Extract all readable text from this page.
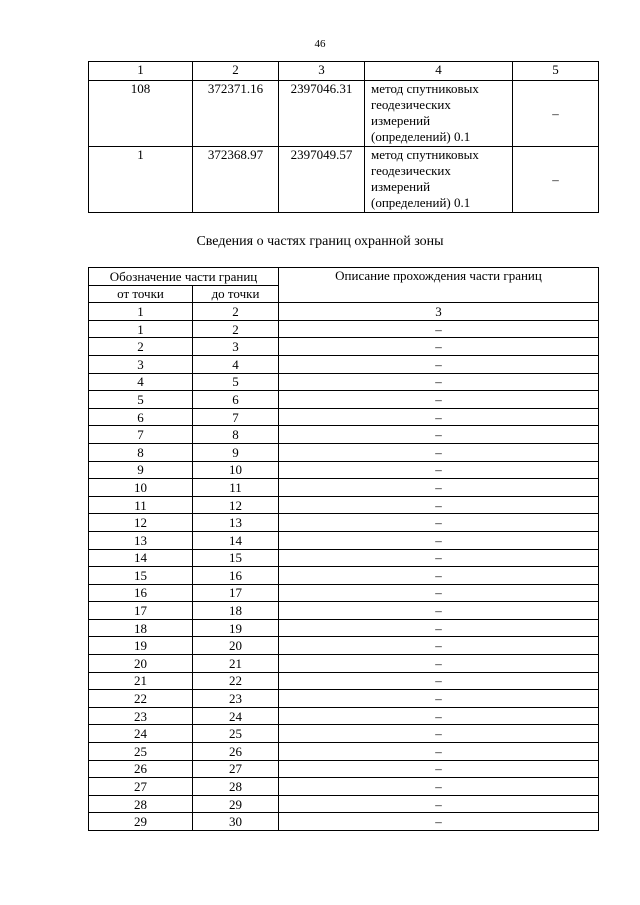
46
1	2	3	4	5
108	372371.16	2397046.31	метод спутниковых
геодезических
измерений
(определений) 0.1	–
1	372368.97	2397049.57	метод спутниковых
геодезических
измерений
(определений) 0.1	–
Сведения о частях границ охранной зоны
Обозначение части границ		Описание прохождения части границ
от точки	до точки	
1	2	3
1	2	–
2	3	–
3	4	–
4	5	–
5	6	–
6	7	–
7	8	–
8	9	–
9	10	–
10	11	–
11	12	–
12	13	–
13	14	–
14	15	–
15	16	–
16	17	–
17	18	–
18	19	–
19	20	–
20	21	–
21	22	–
22	23	–
23	24	–
24	25	–
25	26	–
26	27	–
27	28	–
28	29	–
29	30	–
